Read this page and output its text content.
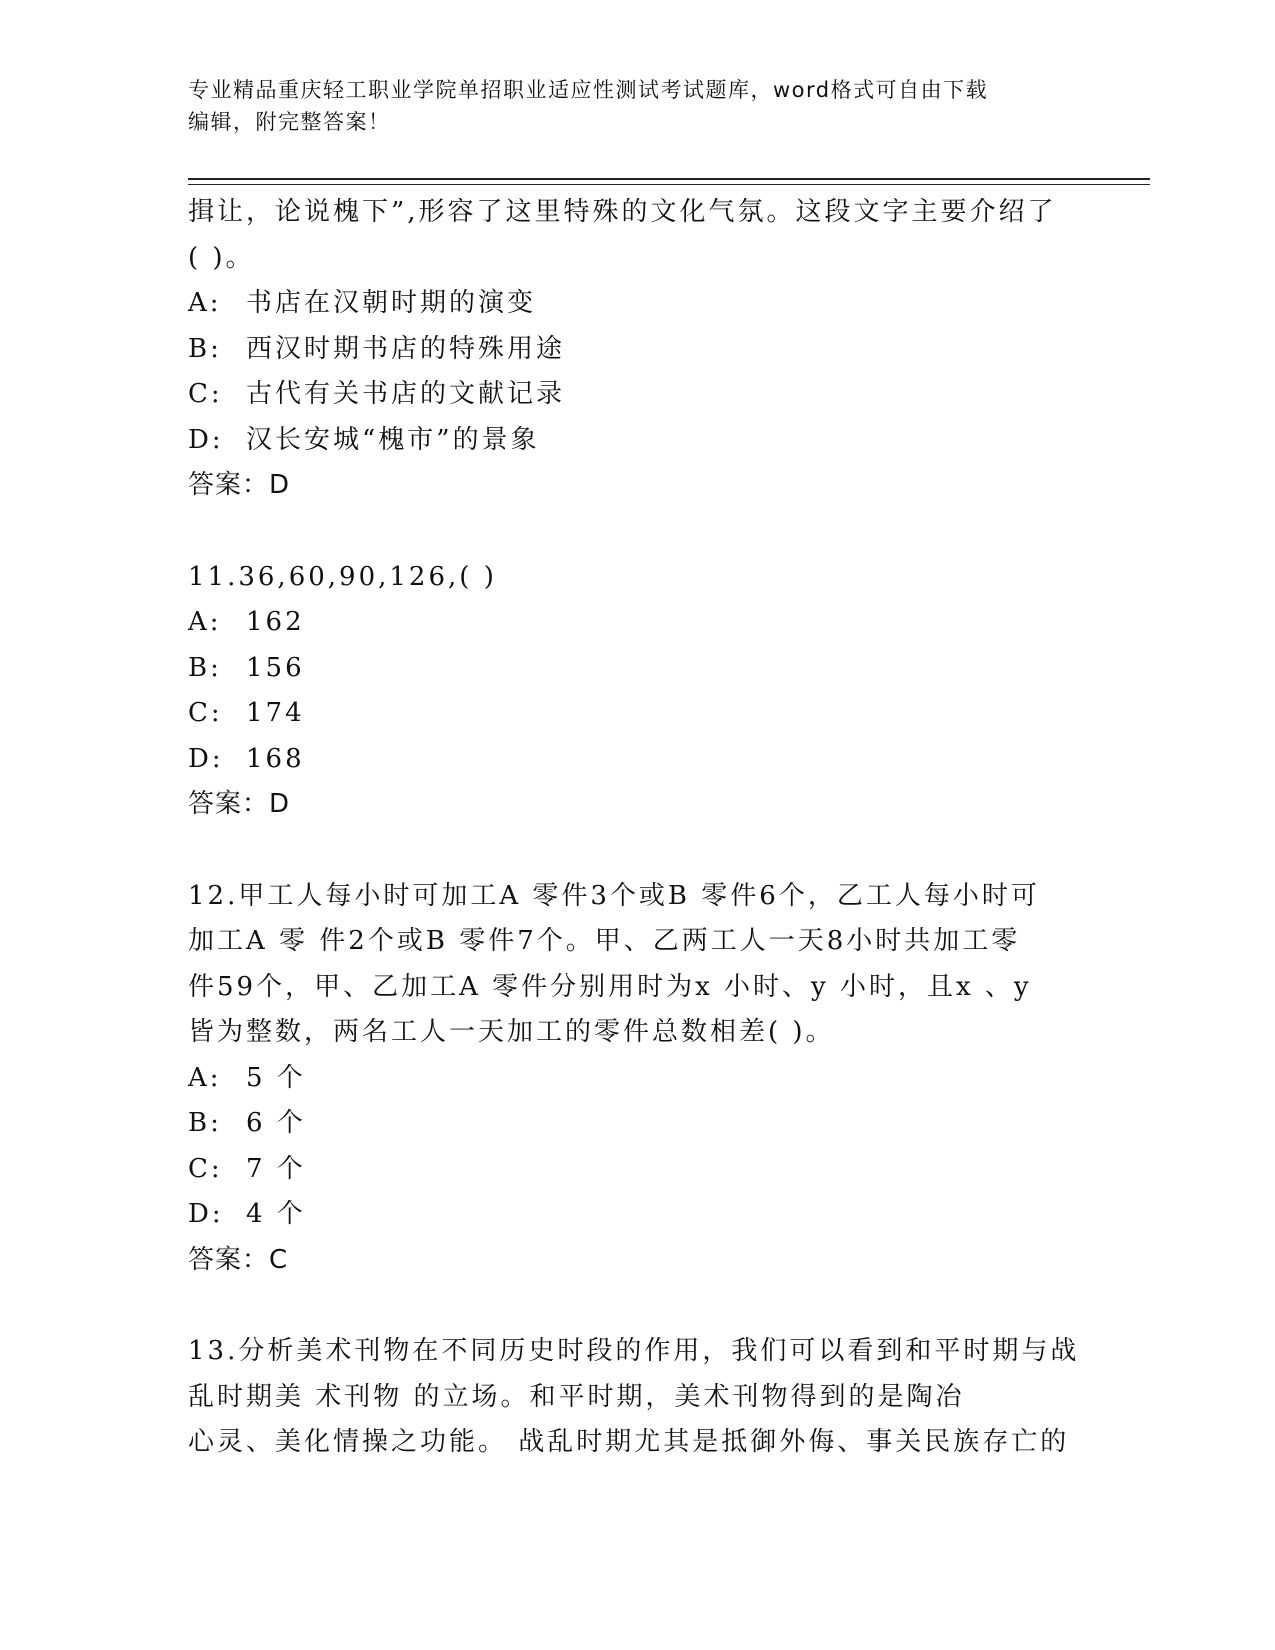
专业精品重庆轻工职业学院单招职业适应性测试考试题库，word格式可自由下载

编辑，附完整答案！

揖让，论说槐下”,形容了这里特殊的文化气氛。这段文字主要介绍了
( )。
A: 书店在汉朝时期的演变
B: 西汉时期书店的特殊用途
C: 古代有关书店的文献记录
D: 汉长安城“槐市”的景象
答案：D
11.36,60,90,126,( )
A: 162
B: 156
C: 174
D: 168
答案：D
12.甲工人每小时可加工A 零件3个或B 零件6个，乙工人每小时可
加工A 零 件2个或B 零件7个。甲、乙两工人一天8小时共加工零
件59个，甲、乙加工A 零件分别用时为x 小时、y 小时，且x 、y
皆为整数，两名工人一天加工的零件总数相差( )。
A: 5 个
B: 6 个
C: 7 个
D: 4 个
答案：C
13.分析美术刊物在不同历史时段的作用，我们可以看到和平时期与战
乱时期美 术刊物 的立场。和平时期，美术刊物得到的是陶冶
心灵、美化情操之功能。 战乱时期尤其是抵御外侮、事关民族存亡的
